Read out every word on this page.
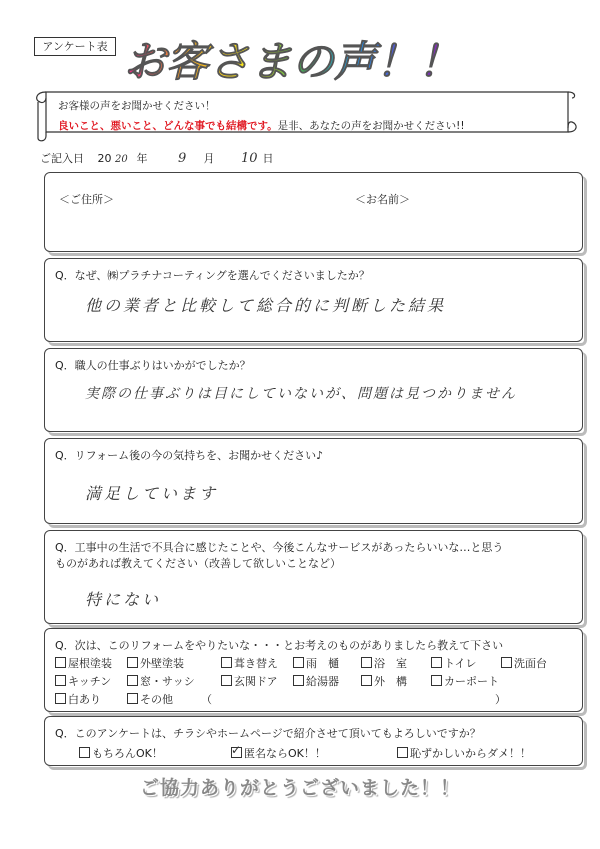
アンケート表 お客さまの声！！
お客様の声をお聞かせください！
良いこと、悪いこと、どんな事でも結構です。是非、あなたの声をお聞かせください!!
ご記入日 20 20 年 9 月 10 日
＜ご住所＞	＜お名前＞
Q．なぜ、㈱プラチナコーティングを選んでくださいましたか？
他の業者と比較して総合的に判断した結果
Q．職人の仕事ぶりはいかがでしたか？
実際の仕事ぶりは目にしていないが、問題は見つかりません
Q．リフォーム後の今の気持ちを、お聞かせください♪
満足しています
Q．工事中の生活で不具合に感じたことや、今後こんなサービスがあったらいいな…と思う
ものがあれば教えてください（改善して欲しいことなど）
特にない
Q．次は、このリフォームをやりたいな・・・とお考えのものがありましたら教えて下さい
屋根塗装	外壁塗装	葺き替え	雨　樋	浴　室	トイレ	洗面台
キッチン	窓・サッシ	玄関ドア	給湯器	外　構	カーポート
白あり	その他	（	）
Q．このアンケートは、チラシやホームページで紹介させて頂いてもよろしいですか？
もちろんOK！
✓	匿名ならOK！！	恥ずかしいからダメ！！
ご協力ありがとうございました！！
